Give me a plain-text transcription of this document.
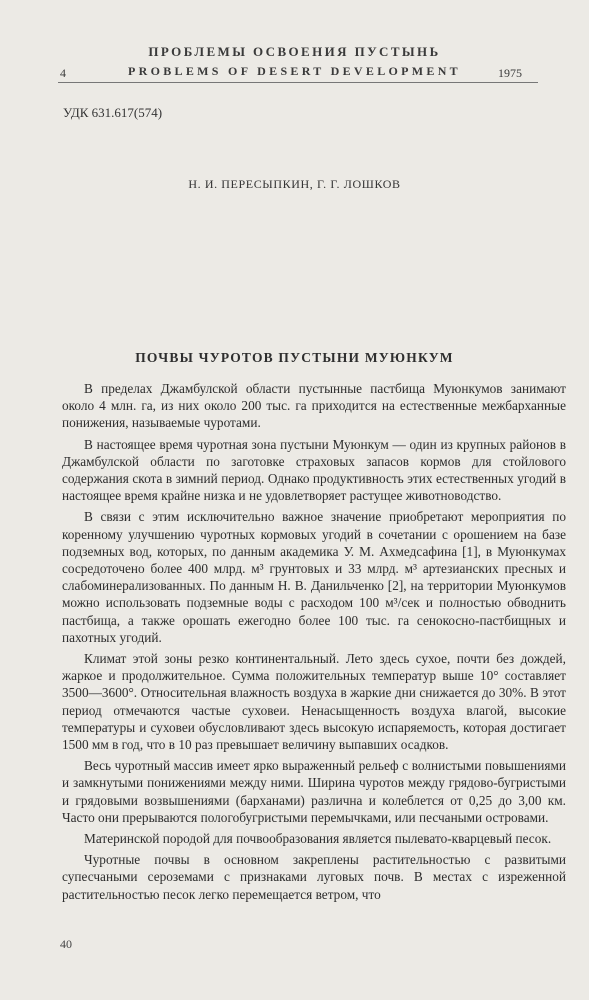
ПРОБЛЕМЫ ОСВОЕНИЯ ПУСТЫНЬ
4	PROBLEMS OF DESERT DEVELOPMENT	1975
УДК 631.617(574)
Н. И. ПЕРЕСЫПКИН, Г. Г. ЛОШКОВ
ПОЧВЫ ЧУРОТОВ ПУСТЫНИ МУЮНКУМ

В пределах Джамбулской области пустынные пастбища Муюнкумов занимают около 4 млн. га, из них около 200 тыс. га приходится на естественные межбарханные понижения, называемые чуротами.

В настоящее время чуротная зона пустыни Муюнкум — один из крупных районов в Джамбулской области по заготовке страховых запасов кормов для стойлового содержания скота в зимний период. Однако продуктивность этих естественных угодий в настоящее время крайне низка и не удовлетворяет растущее животноводство.

В связи с этим исключительно важное значение приобретают мероприятия по коренному улучшению чуротных кормовых угодий в сочетании с орошением на базе подземных вод, которых, по данным академика У. М. Ахмедсафина [1], в Муюнкумах сосредоточено более 400 млрд. м³ грунтовых и 33 млрд. м³ артезианских пресных и слабоминерализованных. По данным Н. В. Данильченко [2], на территории Муюнкумов можно использовать подземные воды с расходом 100 м³/сек и полностью обводнить пастбища, а также орошать ежегодно более 100 тыс. га сенокосно-пастбищных и пахотных угодий.

Климат этой зоны резко континентальный. Лето здесь сухое, почти без дождей, жаркое и продолжительное. Сумма положительных температур выше 10° составляет 3500—3600°. Относительная влажность воздуха в жаркие дни снижается до 30%. В этот период отмечаются частые суховеи. Ненасыщенность воздуха влагой, высокие температуры и суховеи обусловливают здесь высокую испаряемость, которая достигает 1500 мм в год, что в 10 раз превышает величину выпавших осадков.

Весь чуротный массив имеет ярко выраженный рельеф с волнистыми повышениями и замкнутыми понижениями между ними. Ширина чуротов между грядово-бугристыми и грядовыми возвышениями (барханами) различна и колеблется от 0,25 до 3,00 км. Часто они прерываются пологобугристыми перемычками, или песчаными островами.

Материнской породой для почвообразования является пылевато-кварцевый песок.

Чуротные почвы в основном закреплены растительностью с развитыми супесчаными сероземами с признаками луговых почв. В местах с изреженной растительностью песок легко перемещается ветром, что

40
